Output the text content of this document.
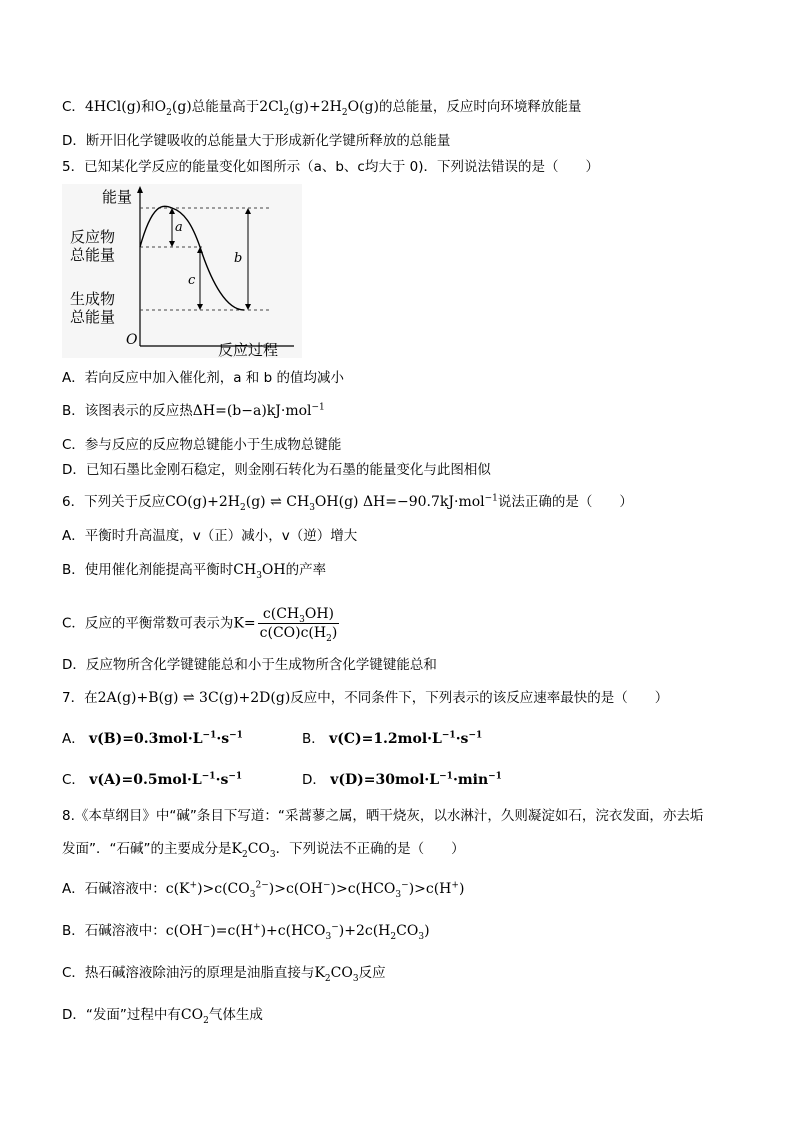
C．4HCl(g)和$O_2(g)$总能量高于$2Cl_2(g)+2H_2O(g)$的总能量，反应时向环境释放能量
D．断开旧化学键吸收的总能量大于形成新化学键所释放的总能量
5．已知某化学反应的能量变化如图所示（a、b、c均大于 0)．下列说法错误的是（　　）
能量
反应物
总能量
生成物
总能量
O
反应过程
a
c
b
A．若向反应中加入催化剂，a 和 b 的值均减小
B．该图表示的反应热ΔH=(b−a)kJ·mol$^{-1}$
C．参与反应的反应物总键能小于生成物总键能
D．已知石墨比金刚石稳定，则金刚石转化为石墨的能量变化与此图相似
6．下列关于反应$CO(g)+2H_2(g)$ ⇌ $CH_3OH(g)$ ΔH=−90.7kJ·mol$^{-1}$说法正确的是（　　）
A．平衡时升高温度，v（正）减小，v（逆）增大
B．使用催化剂能提高平衡时$CH_3OH$的产率
C．反应的平衡常数可表示为$K= \frac{c(CH_3OH)}{c(CO)c(H_2)}$
D．反应物所含化学键键能总和小于生成物所含化学键键能总和
7．在2A(g)+B(g) ⇌ 3C(g)+2D(g)反应中，不同条件下，下列表示的该反应速率最快的是（　　）
A． $v(B)=0.3mol\cdot L^{-1}\cdot s^{-1}$	B． $v(C)=1.2mol\cdot L^{-1}\cdot s^{-1}$
C． $v(A)=0.5mol\cdot L^{-1}\cdot s^{-1}$	D． $v(D)=30mol\cdot L^{-1}\cdot\min^{-1}$
8.《本草纲目》中“碱”条目下写道：“采蒿蓼之属，晒干烧灰，以水淋汁，久则凝淀如石，浣衣发面，亦去垢
发面”．“石碱”的主要成分是$K_2CO_3$．下列说法不正确的是（　　）
A．石碱溶液中：$c(K^+)>c(CO_3^{2-})>c(OH^-)>c(HCO_3^-)>c(H^+)$
B．石碱溶液中：$c(OH^-)=c(H^+)+c(HCO_3^-)+2c(H_2CO_3)$
C．热石碱溶液除油污的原理是油脂直接与$K_2CO_3$反应
D．“发面”过程中有$CO_2$气体生成
